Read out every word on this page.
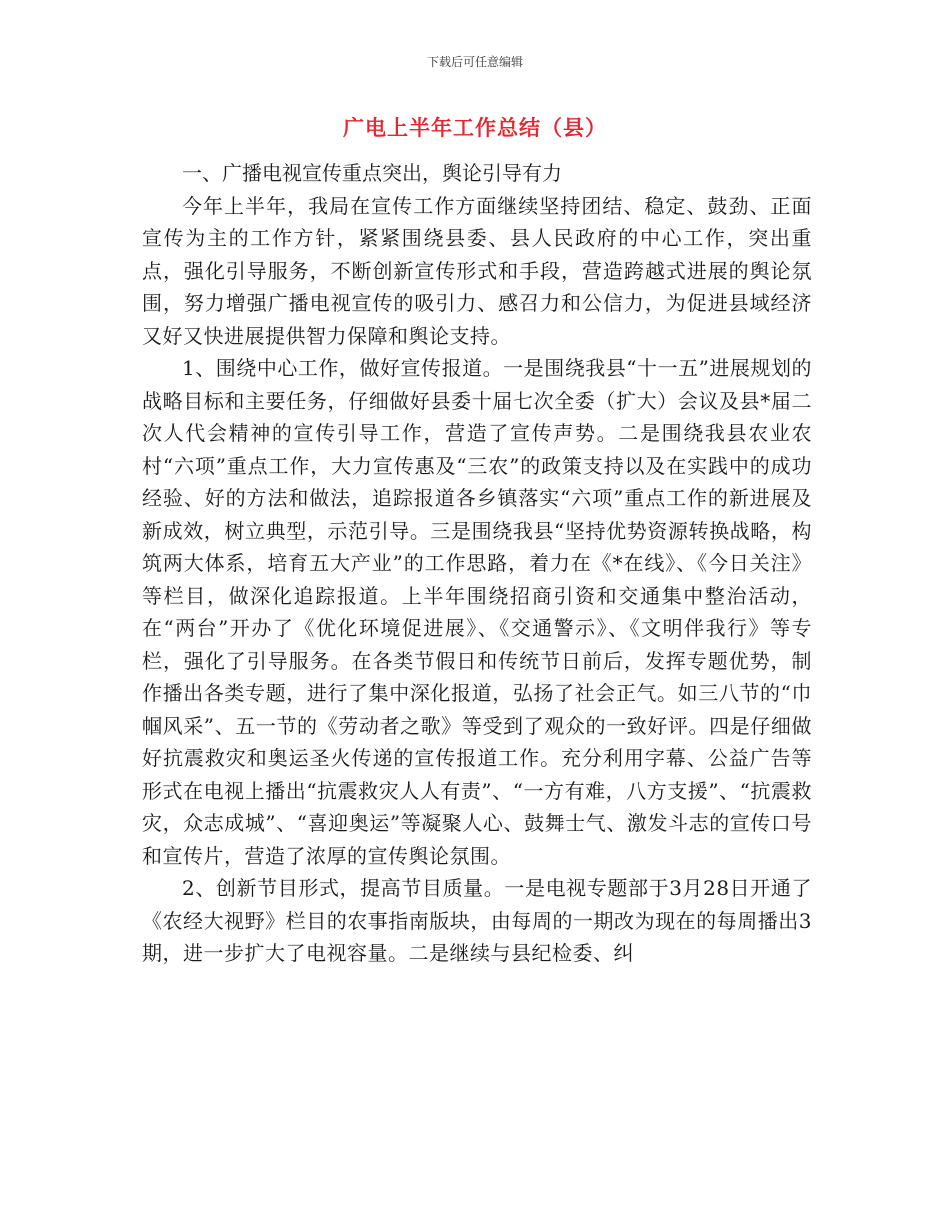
下载后可任意编辑
广电上半年工作总结（县）

一、广播电视宣传重点突出，舆论引导有力

今年上半年，我局在宣传工作方面继续坚持团结、稳定、鼓劲、正面宣传为主的工作方针，紧紧围绕县委、县人民政府的中心工作，突出重点，强化引导服务，不断创新宣传形式和手段，营造跨越式进展的舆论氛围，努力增强广播电视宣传的吸引力、感召力和公信力，为促进县域经济又好又快进展提供智力保障和舆论支持。

1、围绕中心工作，做好宣传报道。一是围绕我县“十一五”进展规划的战略目标和主要任务，仔细做好县委十届七次全委（扩大）会议及县*届二次人代会精神的宣传引导工作，营造了宣传声势。二是围绕我县农业农村“六项”重点工作，大力宣传惠及“三农”的政策支持以及在实践中的成功经验、好的方法和做法，追踪报道各乡镇落实“六项”重点工作的新进展及新成效，树立典型，示范引导。三是围绕我县“坚持优势资源转换战略，构筑两大体系，培育五大产业”的工作思路，着力在《*在线》、《今日关注》等栏目，做深化追踪报道。上半年围绕招商引资和交通集中整治活动，在“两台”开办了《优化环境促进展》、《交通警示》、《文明伴我行》等专栏，强化了引导服务。在各类节假日和传统节日前后，发挥专题优势，制作播出各类专题，进行了集中深化报道，弘扬了社会正气。如三八节的“巾帼风采”、五一节的《劳动者之歌》等受到了观众的一致好评。四是仔细做好抗震救灾和奥运圣火传递的宣传报道工作。充分利用字幕、公益广告等形式在电视上播出“抗震救灾人人有责”、“一方有难，八方支援”、“抗震救灾，众志成城”、“喜迎奥运”等凝聚人心、鼓舞士气、激发斗志的宣传口号和宣传片，营造了浓厚的宣传舆论氛围。

2、创新节目形式，提高节目质量。一是电视专题部于3月28日开通了《农经大视野》栏目的农事指南版块，由每周的一期改为现在的每周播出3期，进一步扩大了电视容量。二是继续与县纪检委、纠
